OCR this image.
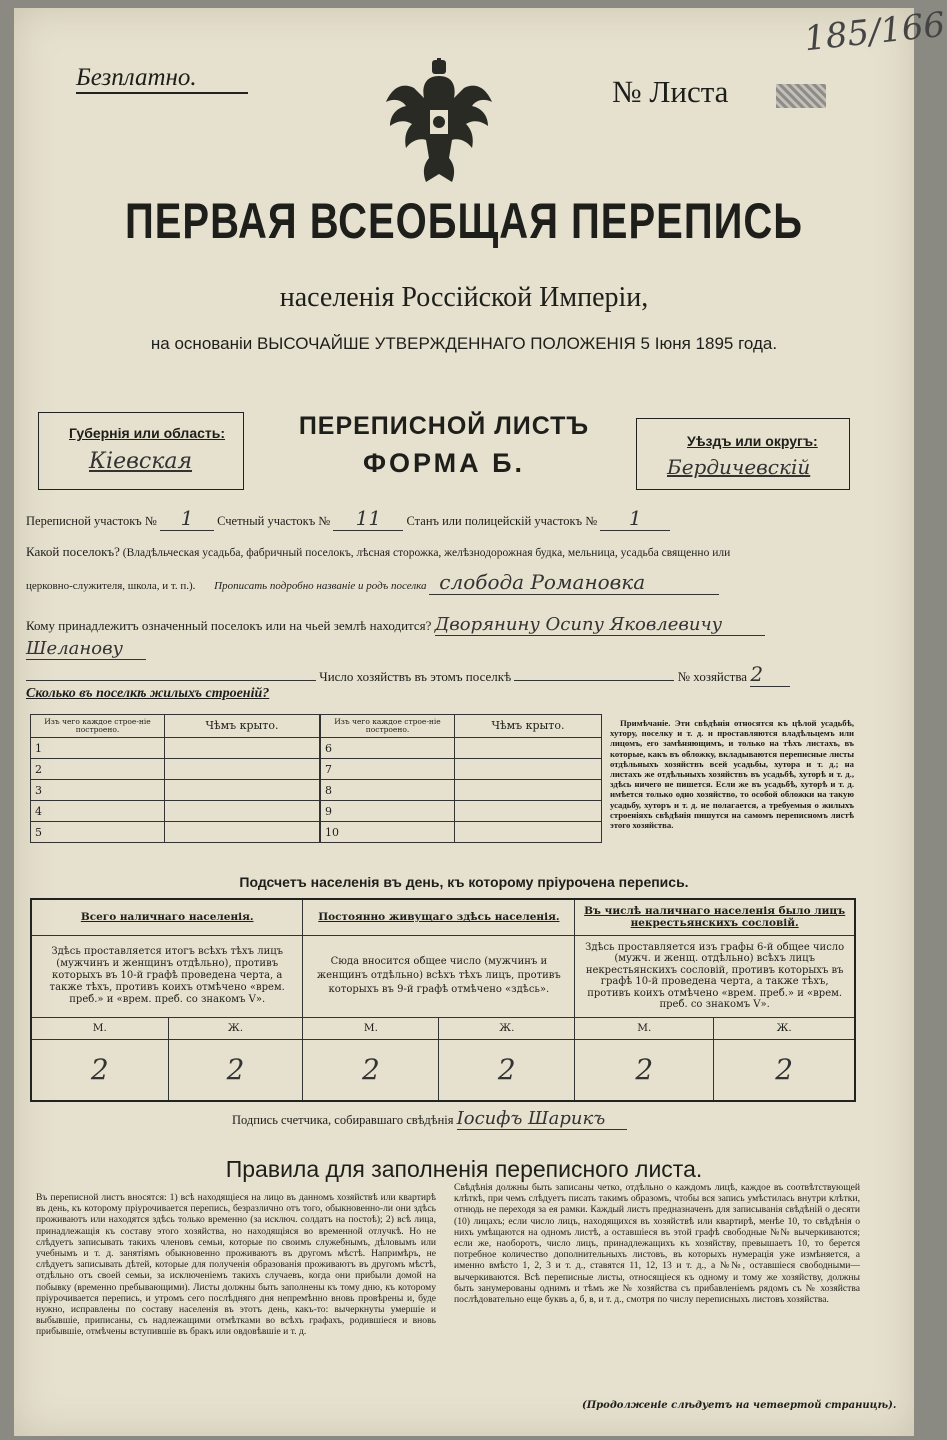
Безплатно.	№ Листа
185/166
ПЕРВАЯ ВСЕОБЩАЯ ПЕРЕПИСЬ
населенія Россійской Имперіи,
на основаніи ВЫСОЧАЙШЕ УТВЕРЖДЕННАГО ПОЛОЖЕНІЯ 5 Іюня 1895 года.
Губернія или область:
Кіевская
ПЕРЕПИСНОЙ ЛИСТЪ
ФОРМА Б.
Уѣздъ или округъ:
Бердичевскій
Переписной участокъ № 1 Счетный участокъ № 11 Станъ или полицейскій участокъ № 1
Какой поселокъ? (Владѣльческая усадьба, фабричный поселокъ, лѣсная сторожка, желѣзнодорожная будка, мельница, усадьба священно или
церковно-служителя, школа, и т. п.). Прописать подробно названіе и родъ поселка слобода Романовка
Кому принадлежитъ означенный поселокъ или на чьей землѣ находится? Дворянину Осипу Яковлевичу
Шеланову
Число хозяйствъ въ этомъ поселкѣ	№ хозяйства 2
Сколько въ поселкѣ жилыхъ строеній?
Изъ чего каждое строе-ніе построено.	Чѣмъ крыто.
1	
2	
3	
4	
5	
Изъ чего каждое строе-ніе построено.	Чѣмъ крыто.
6	
7	
8	
9	
10	
Примѣчаніе. Эти свѣдѣнія относятся къ цѣлой усадьбѣ, хутору, поселку и т. д. и проставляются владѣльцемъ или лицомъ, его замѣняющимъ, и только на тѣхъ листахъ, въ которые, какъ въ обложку, вкладываются переписные листы отдѣльныхъ хозяйствъ всей усадьбы, хутора и т. д.; на листахъ же отдѣльныхъ хозяйствъ въ усадьбѣ, хуторѣ и т. д., здѣсь ничего не пишется. Если же въ усадьбѣ, хуторѣ и т. д. имѣется только одно хозяйство, то особой обложки на такую усадьбу, хуторъ и т. д. не полагается, а требуемыя о жилыхъ строеніяхъ свѣдѣнія пишутся на самомъ переписномъ листѣ этого хозяйства.
Подсчетъ населенія въ день, къ которому пріурочена перепись.
Всего наличнаго населенія.		Постоянно живущаго здѣсь населенія.		Въ числѣ наличнаго населенія было лицъ некрестьянскихъ сословій.	
Здѣсь проставляется итогъ всѣхъ тѣхъ лицъ (мужчинъ и женщинъ отдѣльно), противъ которыхъ въ 10-й графѣ проведена черта, а также тѣхъ, противъ коихъ отмѣчено «врем. преб.» и «врем. преб. со знакомъ V».		Сюда вносится общее число (мужчинъ и женщинъ отдѣльно) всѣхъ тѣхъ лицъ, противъ которыхъ въ 9-й графѣ отмѣчено «здѣсь».		Здѣсь проставляется изъ графы 6-й общее число (мужч. и женщ. отдѣльно) всѣхъ лицъ некрестьянскихъ сословій, противъ которыхъ въ графѣ 10-й проведена черта, а также тѣхъ, противъ коихъ отмѣчено «врем. преб.» и «врем. преб. со знакомъ V».	
М.	Ж.	М.	Ж.	М.	Ж.
2	2	2	2	2	2
Подпись счетчика, собиравшаго свѣдѣнія Іосифъ Шарикъ
Правила для заполненія переписного листа.
Въ переписной листъ вносятся: 1) всѣ находящіеся на лицо въ данномъ хозяйствѣ или квартирѣ въ день, къ которому пріурочивается перепись, безразлично отъ того, обыкновенно-ли они здѣсь проживаютъ или находятся здѣсь только временно (за исключ. солдатъ на постоѣ); 2) всѣ лица, принадлежащія къ составу этого хозяйства, но находящіяся во временной отлучкѣ. Но не слѣдуетъ записывать такихъ членовъ семьи, которые по своимъ служебнымъ, дѣловымъ или учебнымъ и т. д. занятіямъ обыкновенно проживаютъ въ другомъ мѣстѣ. Напримѣръ, не слѣдуетъ записывать дѣтей, которые для полученія образованія проживаютъ въ другомъ мѣстѣ, отдѣльно отъ своей семьи, за исключеніемъ такихъ случаевъ, когда они прибыли домой на побывку (временно пребывающими). Листы должны быть заполнены къ тому дню, къ которому пріурочивается перепись, и утромъ сего послѣдняго дня непремѣнно вновь провѣрены и, буде нужно, исправлены по составу населенія въ этотъ день, какъ-то: вычеркнуты умершіе и выбывшіе, приписаны, съ надлежащими отмѣтками во всѣхъ графахъ, родившіеся и вновь прибывшіе, отмѣчены вступившіе въ бракъ или овдовѣвшіе и т. д.
Свѣдѣнія должны быть записаны четко, отдѣльно о каждомъ лицѣ, каждое въ соотвѣтствующей клѣткѣ, при чемъ слѣдуетъ писать такимъ образомъ, чтобы вся запись умѣстилась внутри клѣтки, отнюдь не переходя за ея рамки. Каждый листъ предназначенъ для записыванія свѣдѣній о десяти (10) лицахъ; если число лицъ, находящихся въ хозяйствѣ или квартирѣ, менѣе 10, то свѣдѣнія о нихъ умѣщаются на одномъ листѣ, а оставшіеся въ этой графѣ свободные №№ вычеркиваются; если же, наоборотъ, число лицъ, принадлежащихъ къ хозяйству, превышаетъ 10, то берется потребное количество дополнительныхъ листовъ, въ которыхъ нумерація уже измѣняется, а именно вмѣсто 1, 2, 3 и т. д., ставятся 11, 12, 13 и т. д., а №№, оставшіеся свободными—вычеркиваются. Всѣ переписные листы, относящіеся къ одному и тому же хозяйству, должны быть занумерованы однимъ и тѣмъ же № хозяйства съ прибавленіемъ рядомъ съ № хозяйства послѣдовательно еще буквъ а, б, в, и т. д., смотря по числу переписныхъ листовъ хозяйства.
(Продолженіе слѣдуетъ на четвертой страницѣ).
